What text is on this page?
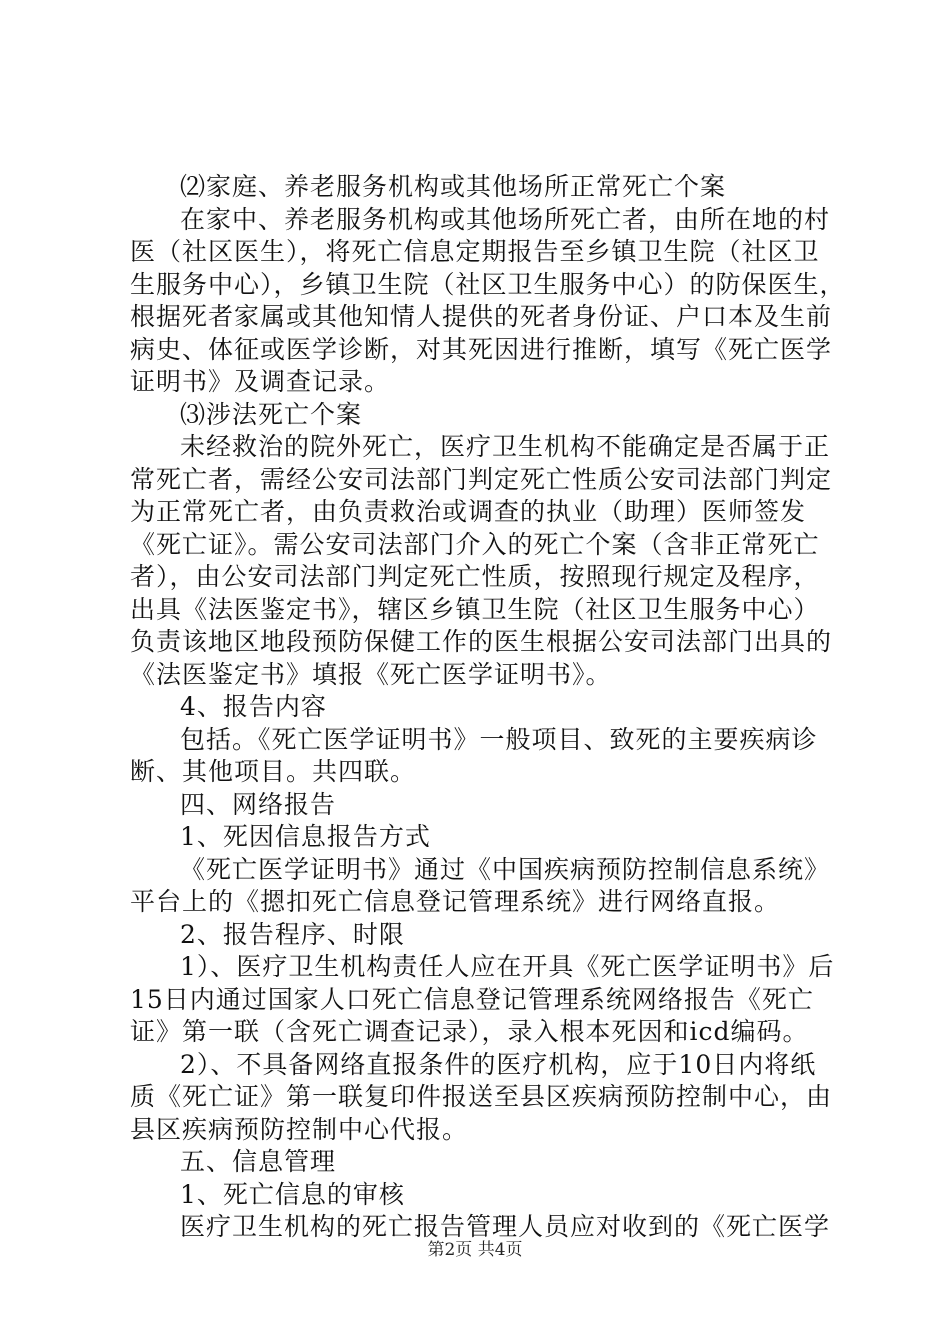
⑵家庭、养老服务机构或其他场所正常死亡个案
在家中、养老服务机构或其他场所死亡者，由所在地的村
医（社区医生），将死亡信息定期报告至乡镇卫生院（社区卫
生服务中心），乡镇卫生院（社区卫生服务中心）的防保医生，
根据死者家属或其他知情人提供的死者身份证、户口本及生前
病史、体征或医学诊断，对其死因进行推断，填写《死亡医学
证明书》及调查记录。
⑶涉法死亡个案
未经救治的院外死亡，医疗卫生机构不能确定是否属于正
常死亡者，需经公安司法部门判定死亡性质公安司法部门判定
为正常死亡者，由负责救治或调查的执业（助理）医师签发
《死亡证》。需公安司法部门介入的死亡个案（含非正常死亡
者），由公安司法部门判定死亡性质，按照现行规定及程序，
出具《法医鉴定书》，辖区乡镇卫生院（社区卫生服务中心）
负责该地区地段预防保健工作的医生根据公安司法部门出具的
《法医鉴定书》填报《死亡医学证明书》。
4、报告内容
包括。《死亡医学证明书》一般项目、致死的主要疾病诊
断、其他项目。共四联。
四、网络报告
1、死因信息报告方式
《死亡医学证明书》通过《中国疾病预防控制信息系统》
平台上的《摁扣死亡信息登记管理系统》进行网络直报。
2、报告程序、时限
1）、医疗卫生机构责任人应在开具《死亡医学证明书》后
15日内通过国家人口死亡信息登记管理系统网络报告《死亡
证》第一联（含死亡调查记录），录入根本死因和icd编码。
2）、不具备网络直报条件的医疗机构，应于10日内将纸
质《死亡证》第一联复印件报送至县区疾病预防控制中心，由
县区疾病预防控制中心代报。
五、信息管理
1、死亡信息的审核
医疗卫生机构的死亡报告管理人员应对收到的《死亡医学
第2页 共4页
